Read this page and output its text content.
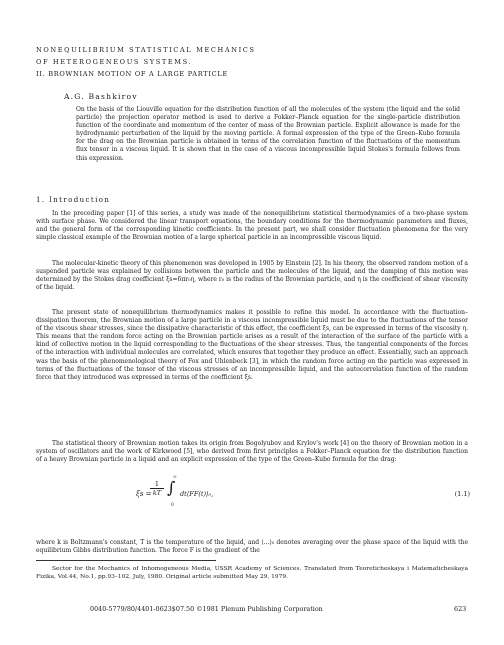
NONEQUILIBRIUM STATISTICAL MECHANICS
OF HETEROGENEOUS SYSTEMS.
II. BROWNIAN MOTION OF A LARGE PARTICLE
A.G. Bashkirov
On the basis of the Liouville equation for the distribution function of all the molecules of the system (the liquid and the solid particle) the projection operator method is used to derive a Fokker–Planck equation for the single-particle distribution function of the coordinate and momentum of the center of mass of the Brownian particle. Explicit allowance is made for the hydrodynamic perturbation of the liquid by the moving particle. A formal expression of the type of the Green–Kubo formula for the drag on the Brownian particle is obtained in terms of the correlation function of the fluctuations of the momentum flux tensor in a viscous liquid. It is shown that in the case of a viscous incompressible liquid Stokes's formula follows from this expression.
1. Introduction
In the preceding paper [1] of this series, a study was made of the nonequilibrium statistical thermodynamics of a two-phase system with surface phase. We considered the linear transport equations, the boundary conditions for the thermodynamic parameters and fluxes, and the general form of the corresponding kinetic coefficients. In the present part, we shall consider fluctuation phenomena for the very simple classical example of the Brownian motion of a large spherical particle in an incompressible viscous liquid.
The molecular-kinetic theory of this phenomenon was developed in 1905 by Einstein [2]. In his theory, the observed random motion of a suspended particle was explained by collisions between the particle and the molecules of the liquid, and the damping of this motion was determined by the Stokes drag coefficient ξs=6πr₀η, where r₀ is the radius of the Brownian particle, and η is the coefficient of shear viscosity of the liquid.
The present state of nonequilibrium thermodynamics makes it possible to refine this model. In accordance with the fluctuation–dissipation theorem, the Brownian motion of a large particle in a viscous incompressible liquid must be due to the fluctuations of the tensor of the viscous shear stresses, since the dissipative characteristic of this effect, the coefficient ξs, can be expressed in terms of the viscosity η. This means that the random force acting on the Brownian particle arises as a result of the interaction of the surface of the particle with a kind of collective motion in the liquid corresponding to the fluctuations of the shear stresses. Thus, the tangential components of the forces of the interaction with individual molecules are correlated, which ensures that together they produce an effect. Essentially, such an approach was the basis of the phenomenological theory of Fox and Uhlenbeck [3], in which the random force acting on the particle was expressed in terms of the fluctuations of the tensor of the viscous stresses of an incompressible liquid, and the autocorrelation function of the random force that they introduced was expressed in terms of the coefficient ξs.
The statistical theory of Brownian motion takes its origin from Bogolyubov and Krylov's work [4] on the theory of Brownian motion in a system of oscillators and the work of Kirkwood [5], who derived from first principles a Fokker–Planck equation for the distribution function of a heavy Brownian particle in a liquid and an explicit expression of the type of the Green–Kubo formula for the drag:
ξs =
$\frac{1}{kT}$ ∫
∞
0
dt⟨FF(t)⟩₀,	(1.1)
where k is Boltzmann's constant, T is the temperature of the liquid, and ⟨...⟩₀ denotes averaging over the phase space of the liquid with the equilibrium Gibbs distribution function. The force F is the gradient of the
Sector for the Mechanics of Inhomogeneous Media, USSR Academy of Sciences. Translated from Teoreticheskaya i Matematicheskaya Fizika, Vol.44, No.1, pp.93–102, July, 1980. Original article submitted May 29, 1979.
0040-5779/80/4401-0623$07.50 ©1981 Plenum Publishing Corporation	623
